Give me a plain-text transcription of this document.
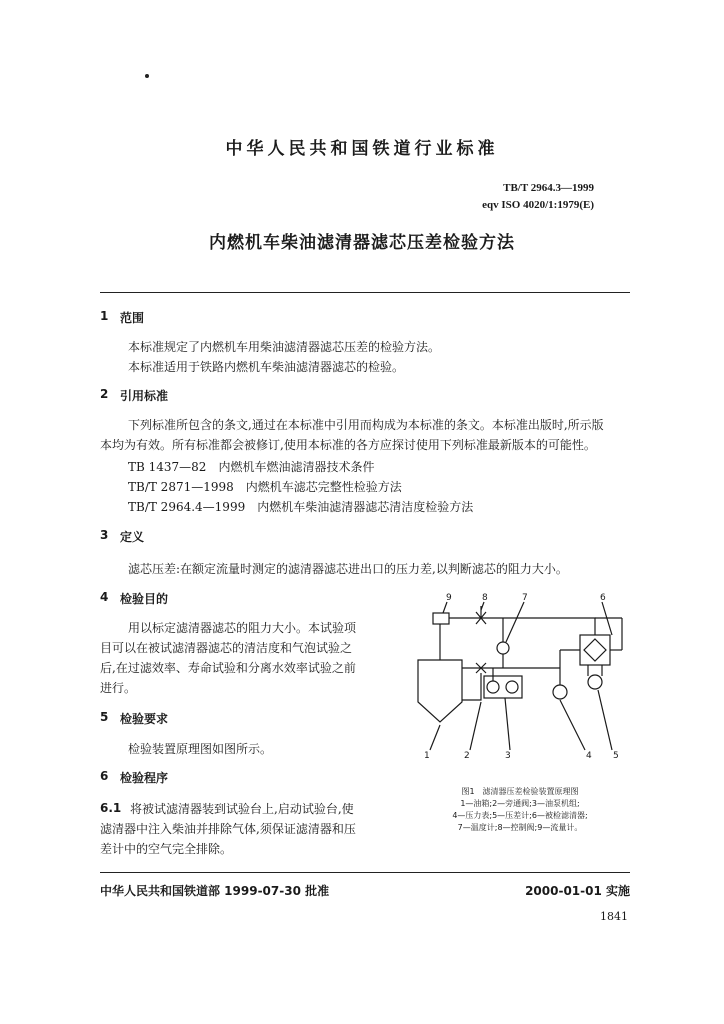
中华人民共和国铁道行业标准
TB/T 2964.3—1999
eqv ISO 4020/1:1979(E)
内燃机车柴油滤清器滤芯压差检验方法
1 范围
本标准规定了内燃机车用柴油滤清器滤芯压差的检验方法。
本标准适用于铁路内燃机车柴油滤清器滤芯的检验。
2 引用标准
下列标准所包含的条文,通过在本标准中引用而构成为本标准的条文。本标准出版时,所示版
本均为有效。所有标准都会被修订,使用本标准的各方应探讨使用下列标准最新版本的可能性。
TB 1437—82　内燃机车燃油滤清器技术条件
TB/T 2871—1998　内燃机车滤芯完整性检验方法
TB/T 2964.4—1999　内燃机车柴油滤清器滤芯清洁度检验方法
3 定义
滤芯压差:在额定流量时测定的滤清器滤芯进出口的压力差,以判断滤芯的阻力大小。
4 检验目的
用以标定滤清器滤芯的阻力大小。本试验项
目可以在被试滤清器滤芯的清洁度和气泡试验之
后,在过滤效率、寿命试验和分离水效率试验之前
进行。
5 检验要求
检验装置原理图如图所示。
6 检验程序
6.1 将被试滤清器装到试验台上,启动试验台,使
滤清器中注入柴油并排除气体,须保证滤清器和压
差计中的空气完全排除。
1	2	3	4 5
6
7
8
9
图1　滤清器压差检验装置原理图
1—油箱;2—旁通阀;3—油泵机组;
4—压力表;5—压差计;6—被检滤清器;
7—温度计;8—控制阀;9—流量计。
中华人民共和国铁道部 1999-07-30 批准	2000-01-01 实施
1841
